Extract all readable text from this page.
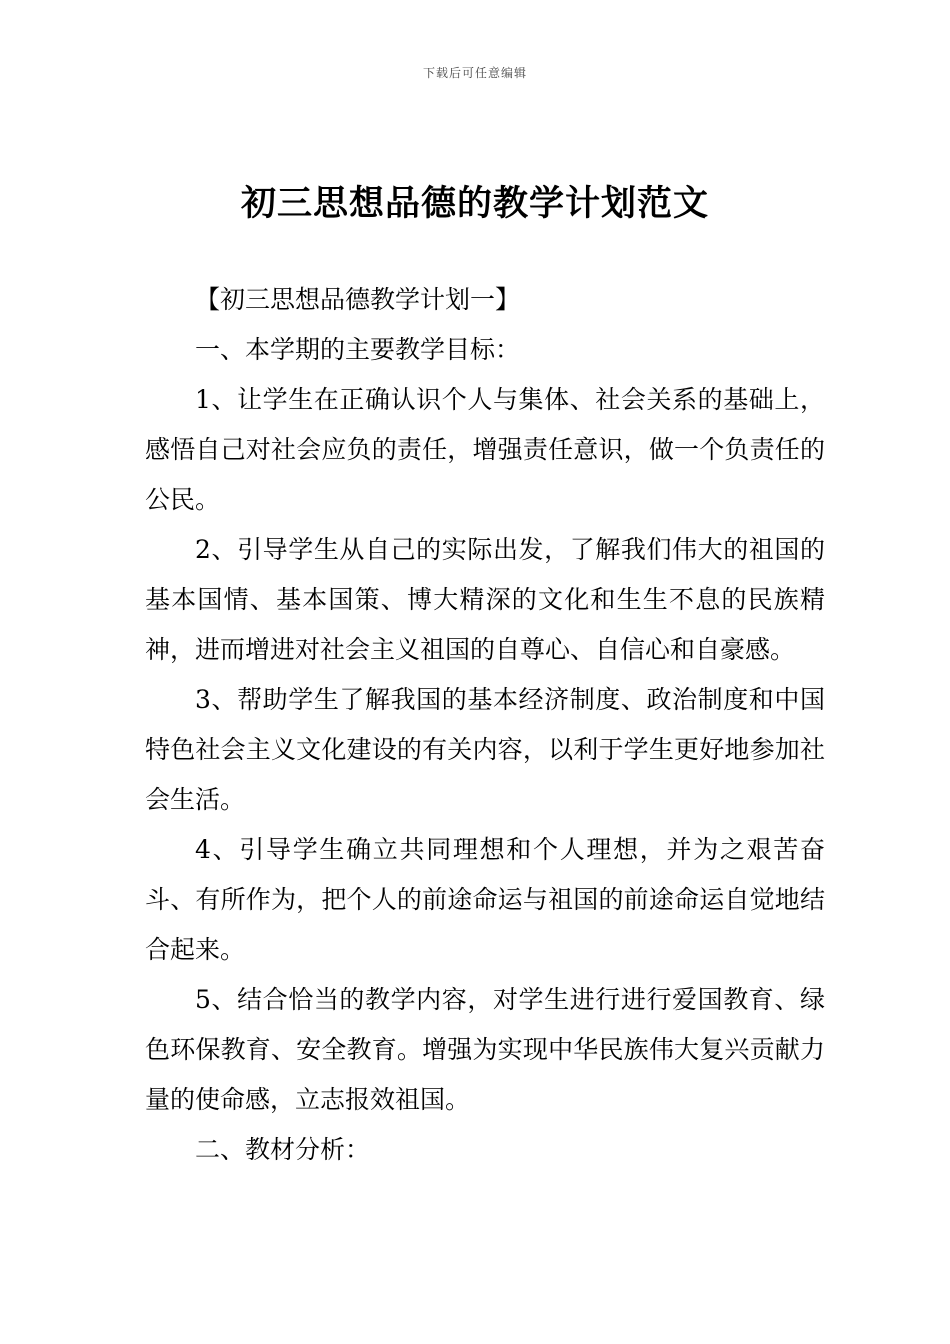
下载后可任意编辑
初三思想品德的教学计划范文

【初三思想品德教学计划一】

一、本学期的主要教学目标：

1、让学生在正确认识个人与集体、社会关系的基础上，感悟自己对社会应负的责任，增强责任意识，做一个负责任的公民。

2、引导学生从自己的实际出发，了解我们伟大的祖国的基本国情、基本国策、博大精深的文化和生生不息的民族精神，进而增进对社会主义祖国的自尊心、自信心和自豪感。

3、帮助学生了解我国的基本经济制度、政治制度和中国特色社会主义文化建设的有关内容，以利于学生更好地参加社会生活。

4、引导学生确立共同理想和个人理想，并为之艰苦奋斗、有所作为，把个人的前途命运与祖国的前途命运自觉地结合起来。

5、结合恰当的教学内容，对学生进行进行爱国教育、绿色环保教育、安全教育。增强为实现中华民族伟大复兴贡献力量的使命感，立志报效祖国。

二、教材分析：
